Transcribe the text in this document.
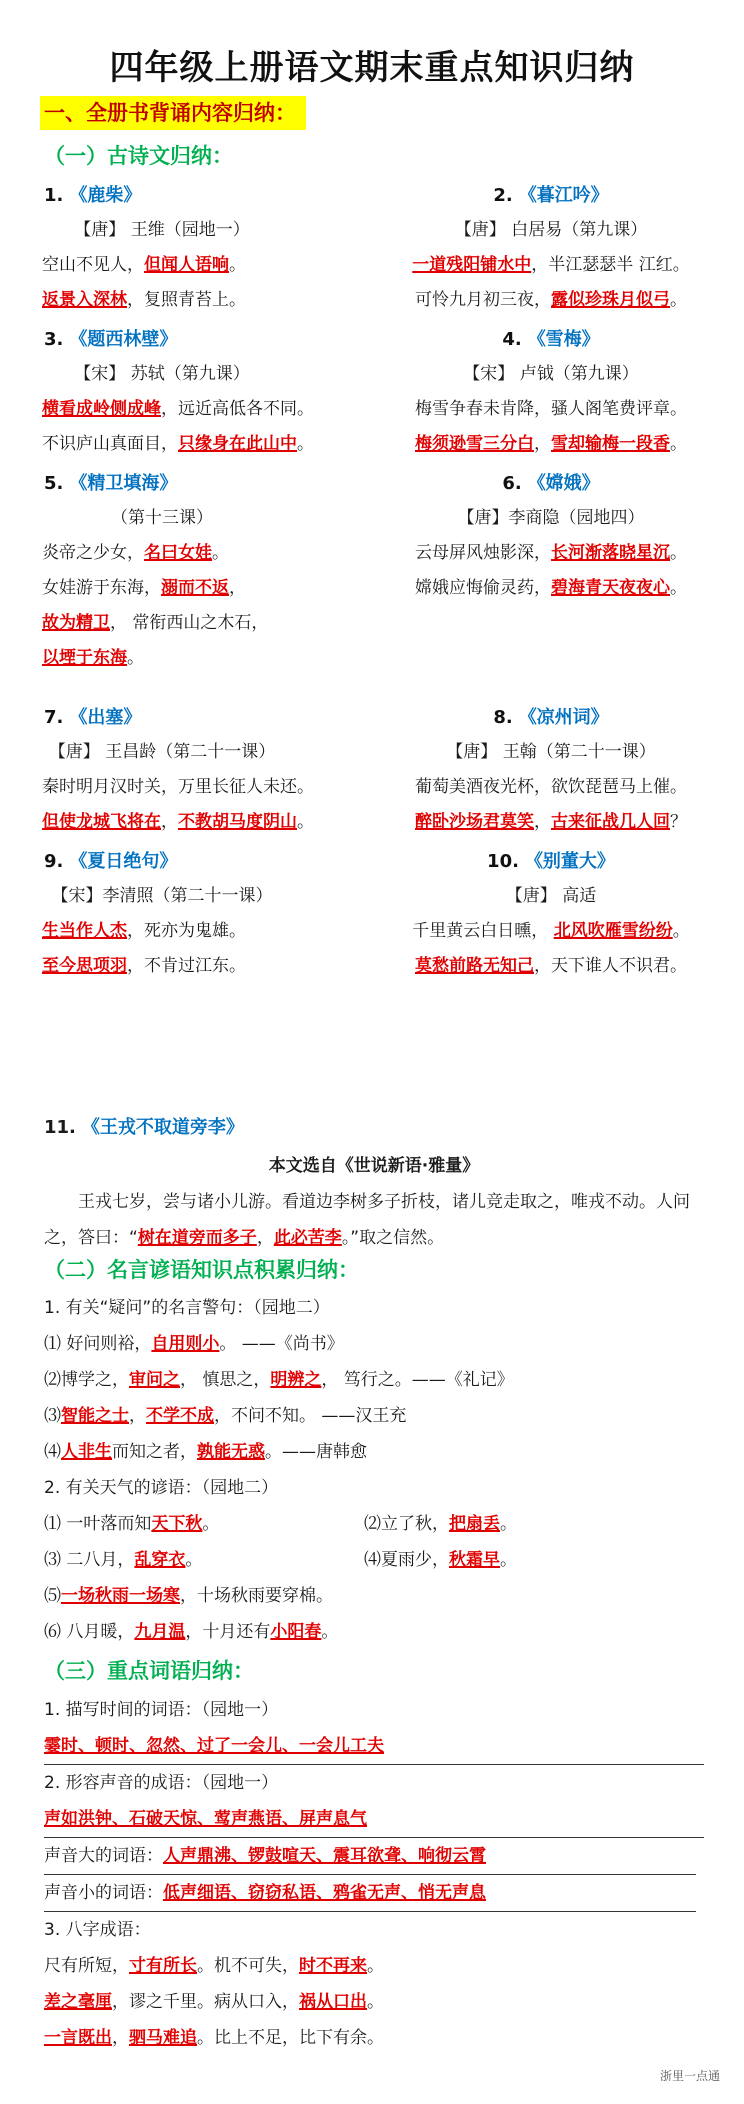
四年级上册语文期末重点知识归纳
一、全册书背诵内容归纳：
（一）古诗文归纳：
1. 《鹿柴》
【唐】 王维（园地一）
空山不见人，但闻人语响。
返景入深林，复照青苔上。
2. 《暮江吟》
【唐】 白居易（第九课）
一道残阳铺水中，半江瑟瑟半 江红。
可怜九月初三夜，露似珍珠月似弓。
3. 《题西林壁》
【宋】 苏轼（第九课）
横看成岭侧成峰，远近高低各不同。
不识庐山真面目，只缘身在此山中。
4. 《雪梅》
【宋】 卢钺（第九课）
梅雪争春未肯降，骚人阁笔费评章。
梅须逊雪三分白，雪却输梅一段香。
5. 《精卫填海》
（第十三课）
炎帝之少女，名曰女娃。
女娃游于东海，溺而不返，
故为精卫， 常衔西山之木石，
以堙于东海。
6. 《嫦娥》
【唐】李商隐（园地四）
云母屏风烛影深，长河渐落晓星沉。
嫦娥应悔偷灵药，碧海青天夜夜心。
7. 《出塞》
【唐】 王昌龄（第二十一课）
秦时明月汉时关，万里长征人未还。
但使龙城飞将在，不教胡马度阴山。
8. 《凉州词》
【唐】 王翰（第二十一课）
葡萄美酒夜光杯，欲饮琵琶马上催。
醉卧沙场君莫笑，古来征战几人回？
9. 《夏日绝句》
【宋】李清照（第二十一课）
生当作人杰，死亦为鬼雄。
至今思项羽，不肯过江东。
10. 《别董大》
【唐】 高适
千里黄云白日曛， 北风吹雁雪纷纷。
莫愁前路无知己，天下谁人不识君。
11. 《王戎不取道旁李》
本文选自《世说新语·雅量》
王戎七岁，尝与诸小儿游。看道边李树多子折枝，诸儿竞走取之，唯戎不动。人问之，答曰：“树在道旁而多子，此必苦李。”取之信然。
（二）名言谚语知识点积累归纳：
1. 有关“疑问”的名言警句：（园地二）
⑴ 好问则裕，自用则小。 ——《尚书》
⑵博学之，审问之， 慎思之，明辨之， 笃行之。——《礼记》
⑶智能之士，不学不成，不问不知。 ——汉王充
⑷人非生而知之者，孰能无惑。——唐韩愈
2. 有关天气的谚语：（园地二）
⑴ 一叶落而知天下秋。	⑵立了秋，把扇丢。
⑶ 二八月，乱穿衣。	⑷夏雨少，秋霜早。
⑸一场秋雨一场寒，十场秋雨要穿棉。
⑹ 八月暖，九月温，十月还有小阳春。
（三）重点词语归纳：
1. 描写时间的词语：（园地一）
霎时、顿时、忽然、过了一会儿、一会儿工夫
2. 形容声音的成语：（园地一）
声如洪钟、石破天惊、莺声燕语、屏声息气
声音大的词语：人声鼎沸、锣鼓喧天、震耳欲聋、响彻云霄
声音小的词语：低声细语、窃窃私语、鸦雀无声、悄无声息
3. 八字成语：
尺有所短，寸有所长。机不可失，时不再来。
差之毫厘，谬之千里。病从口入，祸从口出。
一言既出，驷马难追。比上不足，比下有余。
浙里一点通
